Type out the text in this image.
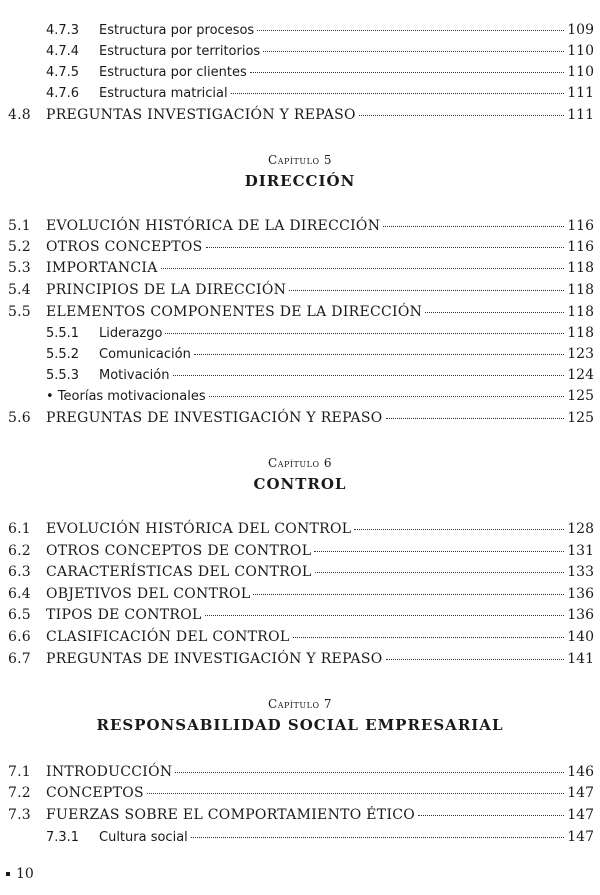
4.7.3 Estructura por procesos	109
4.7.4 Estructura por territorios	110
4.7.5 Estructura por clientes	110
4.7.6 Estructura matricial	111
4.8 PREGUNTAS INVESTIGACIÓN Y REPASO	111
Capítulo 5
DIRECCIÓN
5.1 EVOLUCIÓN HISTÓRICA DE LA DIRECCIÓN	116
5.2 OTROS CONCEPTOS	116
5.3 IMPORTANCIA	118
5.4 PRINCIPIOS DE LA DIRECCIÓN	118
5.5 ELEMENTOS COMPONENTES DE LA DIRECCIÓN	118
5.5.1 Liderazgo	118
5.5.2 Comunicación	123
5.5.3 Motivación	124
• Teorías motivacionales	125
5.6 PREGUNTAS DE INVESTIGACIÓN Y REPASO	125
Capítulo 6
CONTROL
6.1 EVOLUCIÓN HISTÓRICA DEL CONTROL	128
6.2 OTROS CONCEPTOS DE CONTROL	131
6.3 CARACTERÍSTICAS DEL CONTROL	133
6.4 OBJETIVOS DEL CONTROL	136
6.5 TIPOS DE CONTROL	136
6.6 CLASIFICACIÓN DEL CONTROL	140
6.7 PREGUNTAS DE INVESTIGACIÓN Y REPASO	141
Capítulo 7
RESPONSABILIDAD SOCIAL EMPRESARIAL
7.1 INTRODUCCIÓN	146
7.2 CONCEPTOS	147
7.3 FUERZAS SOBRE EL COMPORTAMIENTO ÉTICO	147
7.3.1 Cultura social	147
10
